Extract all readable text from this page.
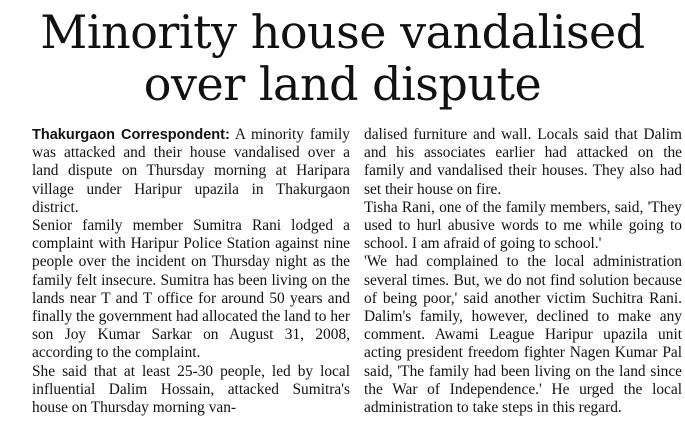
Minority house vandalised
over land dispute

Thakurgaon Correspondent: A minority family was attacked and their house vandalised over a land dispute on Thursday morning at Haripara village under Haripur upazila in Thakurgaon district.

Senior family member Sumitra Rani lodged a complaint with Haripur Police Station against nine people over the incident on Thursday night as the family felt insecure. Sumitra has been living on the lands near T and T office for around 50 years and finally the government had allocated the land to her son Joy Kumar Sarkar on August 31, 2008, according to the complaint.

She said that at least 25-30 people, led by local influential Dalim Hossain, attacked Sumitra's house on Thursday morning van-

dalised furniture and wall. Locals said that Dalim and his associates earlier had attacked on the family and vandalised their houses. They also had set their house on fire.

Tisha Rani, one of the family members, said, 'They used to hurl abusive words to me while going to school. I am afraid of going to school.'

'We had complained to the local administration several times. But, we do not find solution because of being poor,' said another victim Suchitra Rani. Dalim's family, however, declined to make any comment. Awami League Haripur upazila unit acting president freedom fighter Nagen Kumar Pal said, 'The family had been living on the land since the War of Independence.' He urged the local administration to take steps in this regard.
